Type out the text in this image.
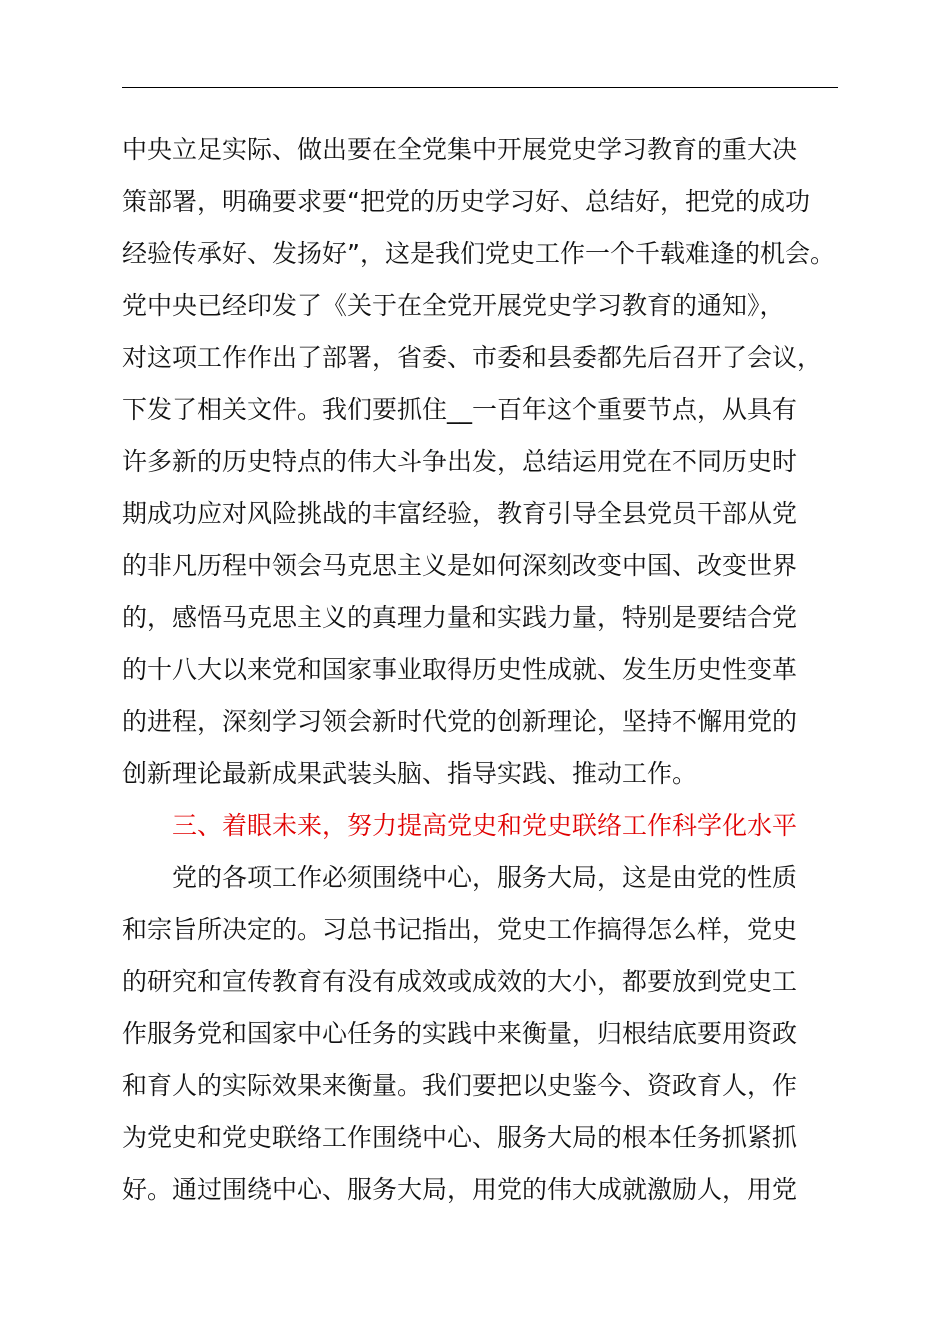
中央立足实际、做出要在全党集中开展党史学习教育的重大决
策部署，明确要求要“把党的历史学习好、总结好，把党的成功
经验传承好、发扬好”，这是我们党史工作一个千载难逢的机会。
党中央已经印发了《关于在全党开展党史学习教育的通知》，
对这项工作作出了部署，省委、市委和县委都先后召开了会议，
下发了相关文件。我们要抓住__一百年这个重要节点，从具有
许多新的历史特点的伟大斗争出发，总结运用党在不同历史时
期成功应对风险挑战的丰富经验，教育引导全县党员干部从党
的非凡历程中领会马克思主义是如何深刻改变中国、改变世界
的，感悟马克思主义的真理力量和实践力量，特别是要结合党
的十八大以来党和国家事业取得历史性成就、发生历史性变革
的进程，深刻学习领会新时代党的创新理论，坚持不懈用党的
创新理论最新成果武装头脑、指导实践、推动工作。
三、着眼未来，努力提高党史和党史联络工作科学化水平
党的各项工作必须围绕中心，服务大局，这是由党的性质
和宗旨所决定的。习总书记指出，党史工作搞得怎么样，党史
的研究和宣传教育有没有成效或成效的大小，都要放到党史工
作服务党和国家中心任务的实践中来衡量，归根结底要用资政
和育人的实际效果来衡量。我们要把以史鉴今、资政育人，作
为党史和党史联络工作围绕中心、服务大局的根本任务抓紧抓
好。通过围绕中心、服务大局，用党的伟大成就激励人，用党
